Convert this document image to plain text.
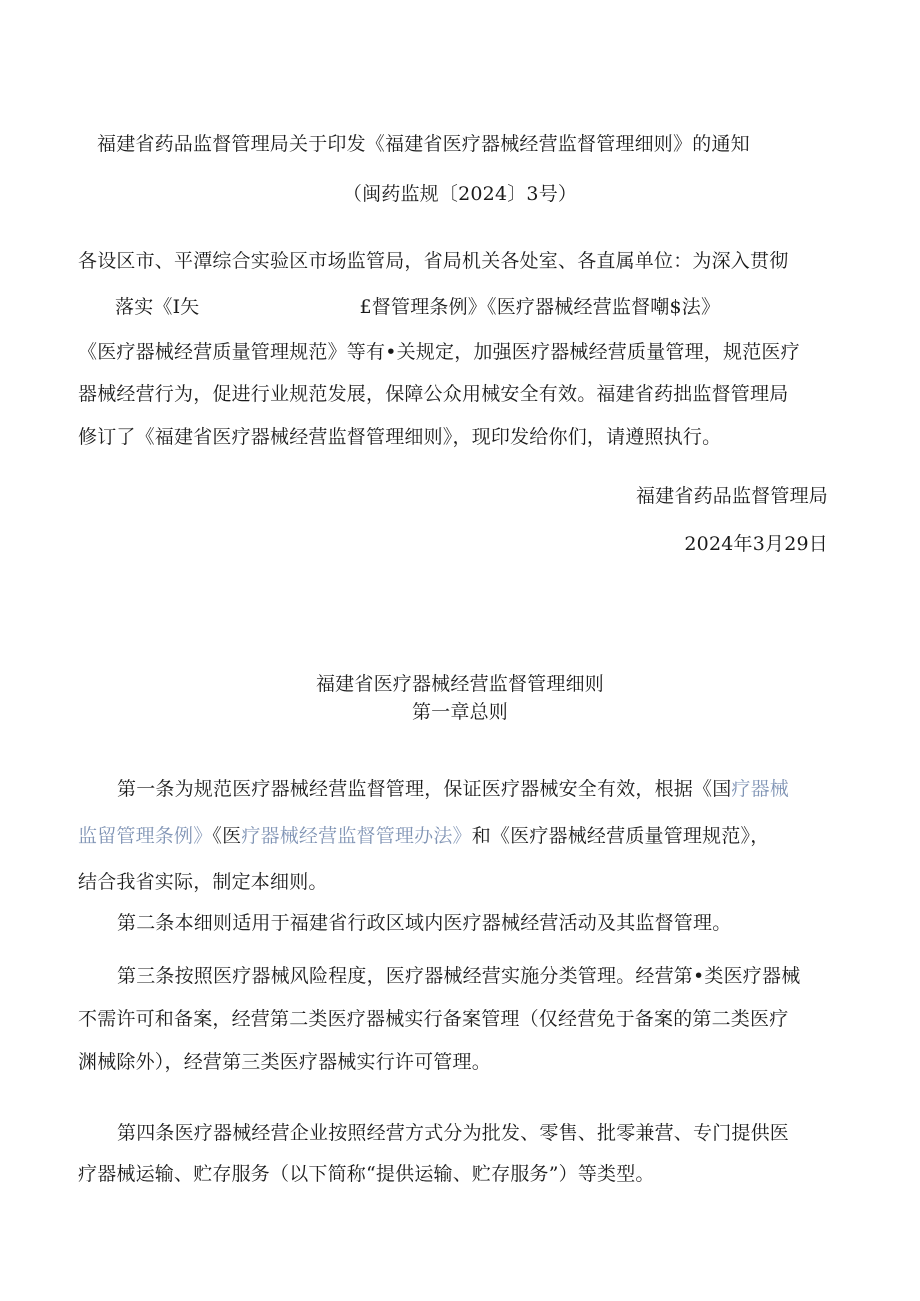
福建省药品监督管理局关于印发《福建省医疗器械经营监督管理细则》的通知
（闽药监规〔2024〕3号）
各设区市、平潭综合实验区市场监管局，省局机关各处室、各直属单位：为深入贯彻
落实《I矢	£督管理条例》《医疗器械经营监督嘲$法》
《医疗器械经营质量管理规范》等有•关规定，加强医疗器械经营质量管理，规范医疗
器械经营行为，促进行业规范发展，保障公众用械安全有效。福建省药拙监督管理局
修订了《福建省医疗器械经营监督管理细则》，现印发给你们，请遵照执行。
福建省药品监督管理局
2024年3月29日
福建省医疗器械经营监督管理细则
第一章总则
第一条为规范医疗器械经营监督管理，保证医疗器械安全有效，根据《国疗器械
监留管理条例》《医疗器械经营监督管理办法》和《医疗器械经营质量管理规范》，
结合我省实际，制定本细则。
第二条本细则适用于福建省行政区域内医疗器械经营活动及其监督管理。
第三条按照医疗器械风险程度，医疗器械经营实施分类管理。经营第•类医疗器械
不需许可和备案，经营第二类医疗器械实行备案管理（仅经营免于备案的第二类医疗
渊械除外），经营第三类医疗器械实行许可管理。
第四条医疗器械经营企业按照经营方式分为批发、零售、批零兼营、专门提供医
疗器械运输、贮存服务（以下简称“提供运输、贮存服务”）等类型。
